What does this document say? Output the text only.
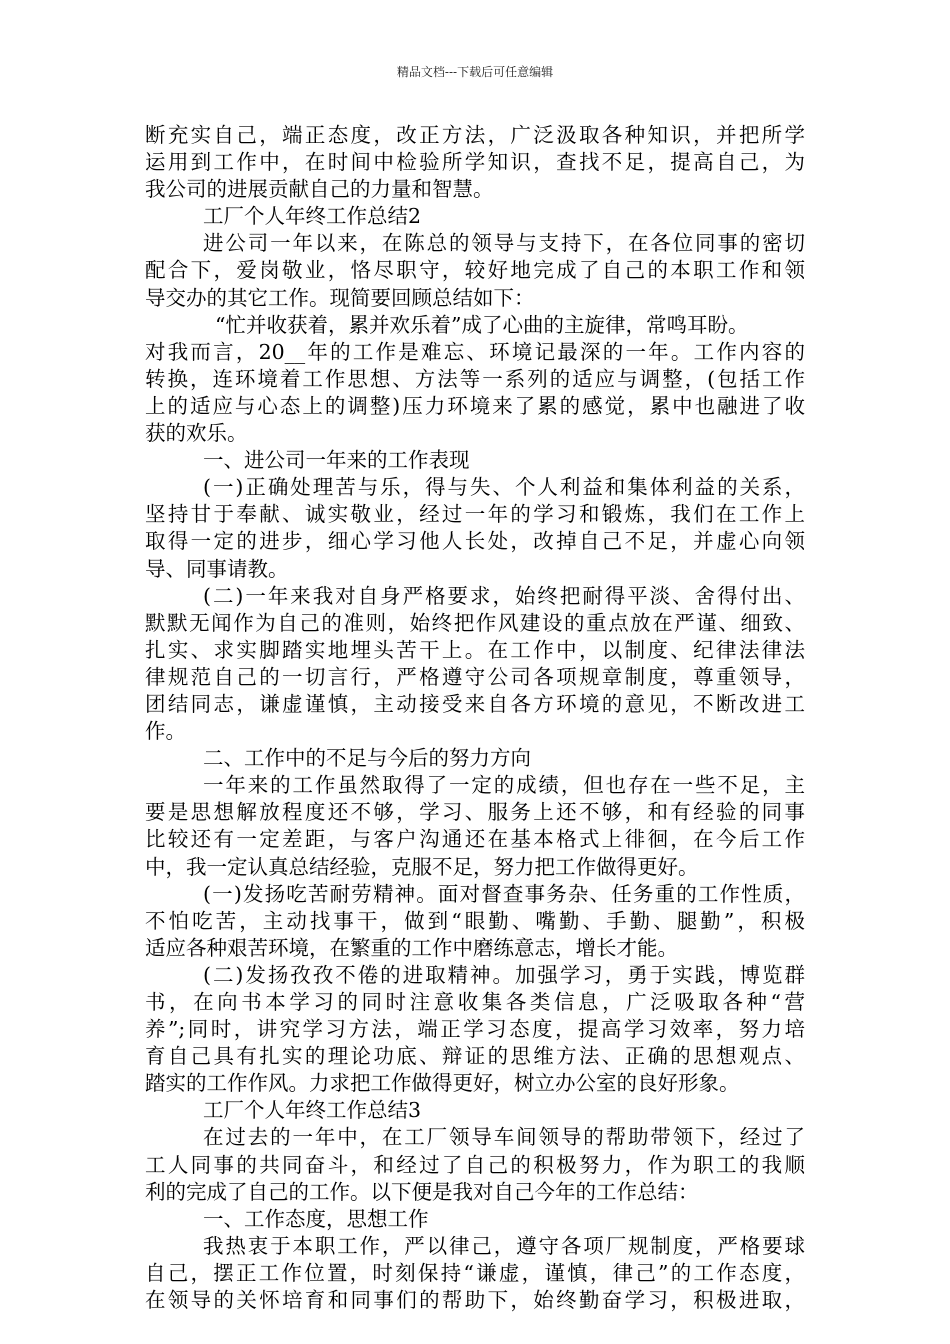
精品文档---下载后可任意编辑
断充实自己，端正态度，改正方法，广泛汲取各种知识，并把所学
运用到工作中，在时间中检验所学知识，查找不足，提高自己，为
我公司的进展贡献自己的力量和智慧。
工厂个人年终工作总结2
进公司一年以来，在陈总的领导与支持下，在各位同事的密切
配合下，爱岗敬业，恪尽职守，较好地完成了自己的本职工作和领
导交办的其它工作。现简要回顾总结如下：
“忙并收获着，累并欢乐着”成了心曲的主旋律，常鸣耳盼。
对我而言，20__年的工作是难忘、环境记最深的一年。工作内容的
转换，连环境着工作思想、方法等一系列的适应与调整，(包括工作
上的适应与心态上的调整)压力环境来了累的感觉，累中也融进了收
获的欢乐。
一、进公司一年来的工作表现
(一)正确处理苦与乐，得与失、个人利益和集体利益的关系，
坚持甘于奉献、诚实敬业，经过一年的学习和锻炼，我们在工作上
取得一定的进步，细心学习他人长处，改掉自己不足，并虚心向领
导、同事请教。
(二)一年来我对自身严格要求，始终把耐得平淡、舍得付出、
默默无闻作为自己的准则，始终把作风建设的重点放在严谨、细致、
扎实、求实脚踏实地埋头苦干上。在工作中，以制度、纪律法律法
律规范自己的一切言行，严格遵守公司各项规章制度，尊重领导，
团结同志，谦虚谨慎，主动接受来自各方环境的意见，不断改进工
作。
二、工作中的不足与今后的努力方向
一年来的工作虽然取得了一定的成绩，但也存在一些不足，主
要是思想解放程度还不够，学习、服务上还不够，和有经验的同事
比较还有一定差距，与客户沟通还在基本格式上徘徊，在今后工作
中，我一定认真总结经验，克服不足，努力把工作做得更好。
(一)发扬吃苦耐劳精神。面对督查事务杂、任务重的工作性质，
不怕吃苦，主动找事干，做到“眼勤、嘴勤、手勤、腿勤”，积极
适应各种艰苦环境，在繁重的工作中磨练意志，增长才能。
(二)发扬孜孜不倦的进取精神。加强学习，勇于实践，博览群
书，在向书本学习的同时注意收集各类信息，广泛吸取各种“营
养”;同时，讲究学习方法，端正学习态度，提高学习效率，努力培
育自己具有扎实的理论功底、辩证的思维方法、正确的思想观点、
踏实的工作作风。力求把工作做得更好，树立办公室的良好形象。
工厂个人年终工作总结3
在过去的一年中，在工厂领导车间领导的帮助带领下，经过了
工人同事的共同奋斗，和经过了自己的积极努力，作为职工的我顺
利的完成了自己的工作。以下便是我对自己今年的工作总结：
一、工作态度，思想工作
我热衷于本职工作，严以律己，遵守各项厂规制度，严格要球
自己，摆正工作位置，时刻保持“谦虚，谨慎，律己”的工作态度，
在领导的关怀培育和同事们的帮助下，始终勤奋学习，积极进取，
